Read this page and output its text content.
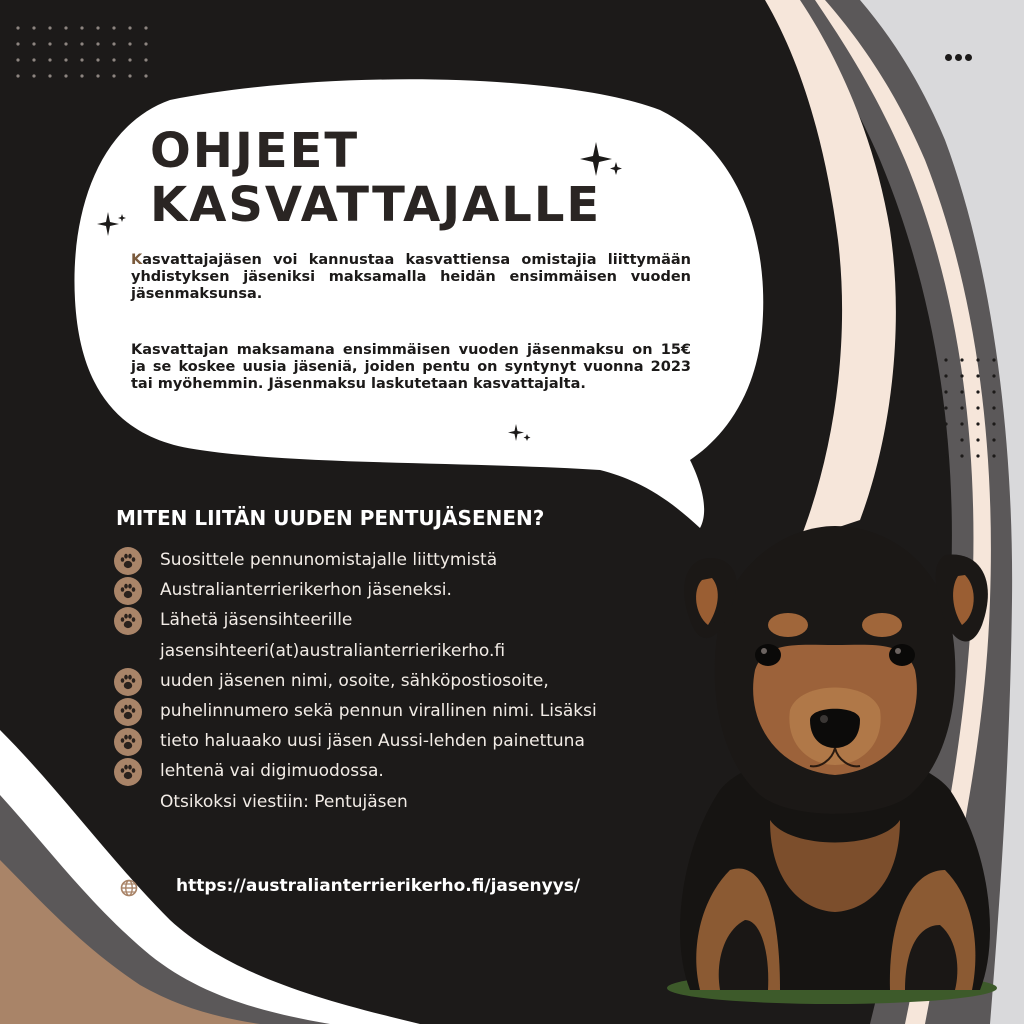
OHJEET
KASVATTAJALLE

Kasvattajajäsen voi kannustaa kasvattiensa omistajia liittymään yhdistyksen jäseniksi maksamalla heidän ensimmäisen vuoden jäsenmaksunsa.

Kasvattajan maksamana ensimmäisen vuoden jäsenmaksu on 15€ ja se koskee uusia jäseniä, joiden pentu on syntynyt vuonna 2023 tai myöhemmin. Jäsenmaksu laskutetaan kasvattajalta.

MITEN LIITÄN UUDEN PENTUJÄSENEN?
Suosittele pennunomistajalle liittymistä
Australianterrierikerhon jäseneksi.
Lähetä jäsensihteerille
jasensihteeri(at)australianterrierikerho.fi
uuden jäsenen nimi, osoite, sähköpostiosoite,
puhelinnumero sekä pennun virallinen nimi. Lisäksi
tieto haluaako uusi jäsen Aussi-lehden painettuna
lehtenä vai digimuodossa.
Otsikoksi viestiin: Pentujäsen
https://australianterrierikerho.fi/jasenyys/
